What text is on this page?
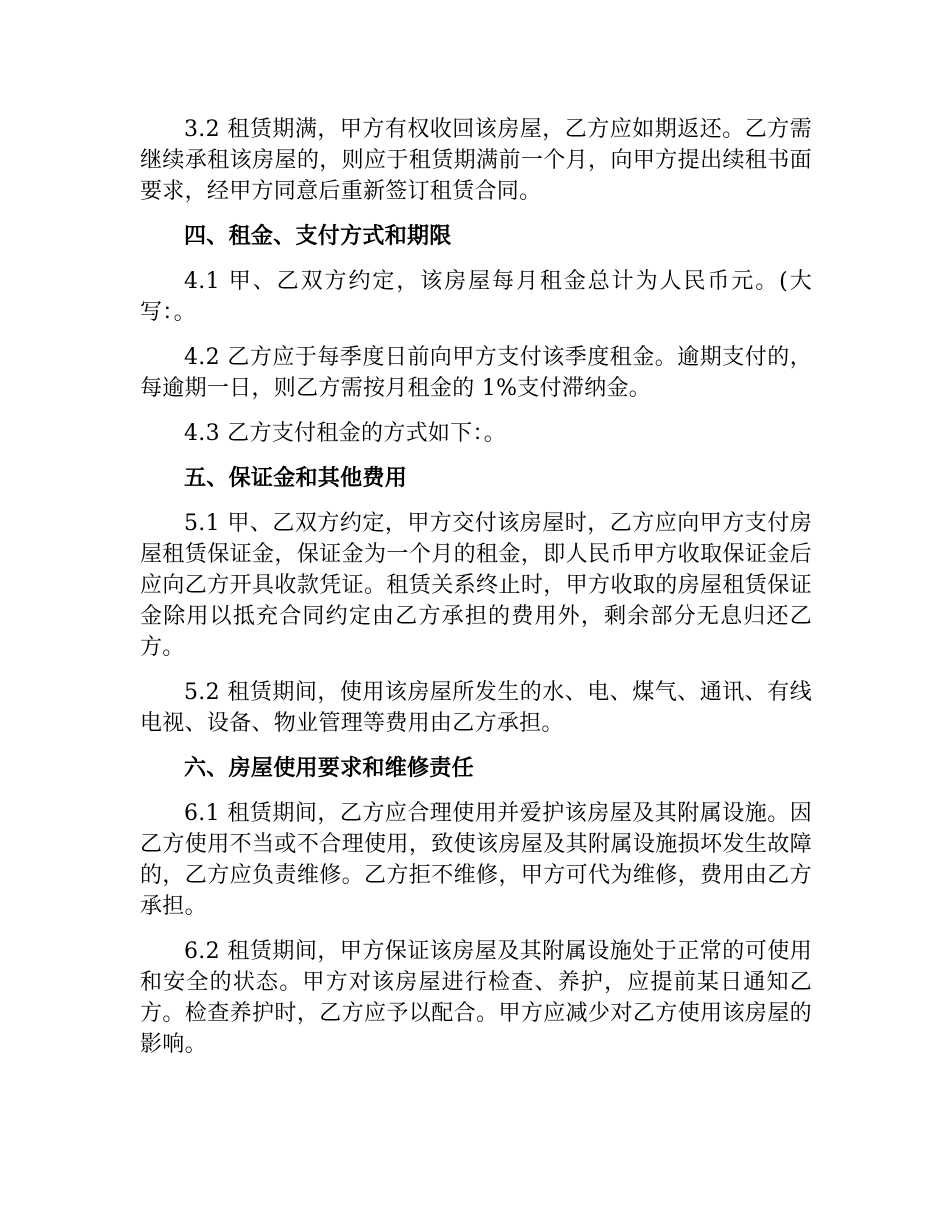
3.2 租赁期满，甲方有权收回该房屋，乙方应如期返还。乙方需继续承租该房屋的，则应于租赁期满前一个月，向甲方提出续租书面要求，经甲方同意后重新签订租赁合同。

四、租金、支付方式和期限

4.1 甲、乙双方约定，该房屋每月租金总计为人民币元。(大写：。

4.2 乙方应于每季度日前向甲方支付该季度租金。逾期支付的，每逾期一日，则乙方需按月租金的 1%支付滞纳金。

4.3 乙方支付租金的方式如下：。

五、保证金和其他费用

5.1 甲、乙双方约定，甲方交付该房屋时，乙方应向甲方支付房屋租赁保证金，保证金为一个月的租金，即人民币甲方收取保证金后应向乙方开具收款凭证。租赁关系终止时，甲方收取的房屋租赁保证金除用以抵充合同约定由乙方承担的费用外，剩余部分无息归还乙方。

5.2 租赁期间，使用该房屋所发生的水、电、煤气、通讯、有线电视、设备、物业管理等费用由乙方承担。

六、房屋使用要求和维修责任

6.1 租赁期间，乙方应合理使用并爱护该房屋及其附属设施。因乙方使用不当或不合理使用，致使该房屋及其附属设施损坏发生故障的，乙方应负责维修。乙方拒不维修，甲方可代为维修，费用由乙方承担。

6.2 租赁期间，甲方保证该房屋及其附属设施处于正常的可使用和安全的状态。甲方对该房屋进行检查、养护，应提前某日通知乙方。检查养护时，乙方应予以配合。甲方应减少对乙方使用该房屋的影响。
